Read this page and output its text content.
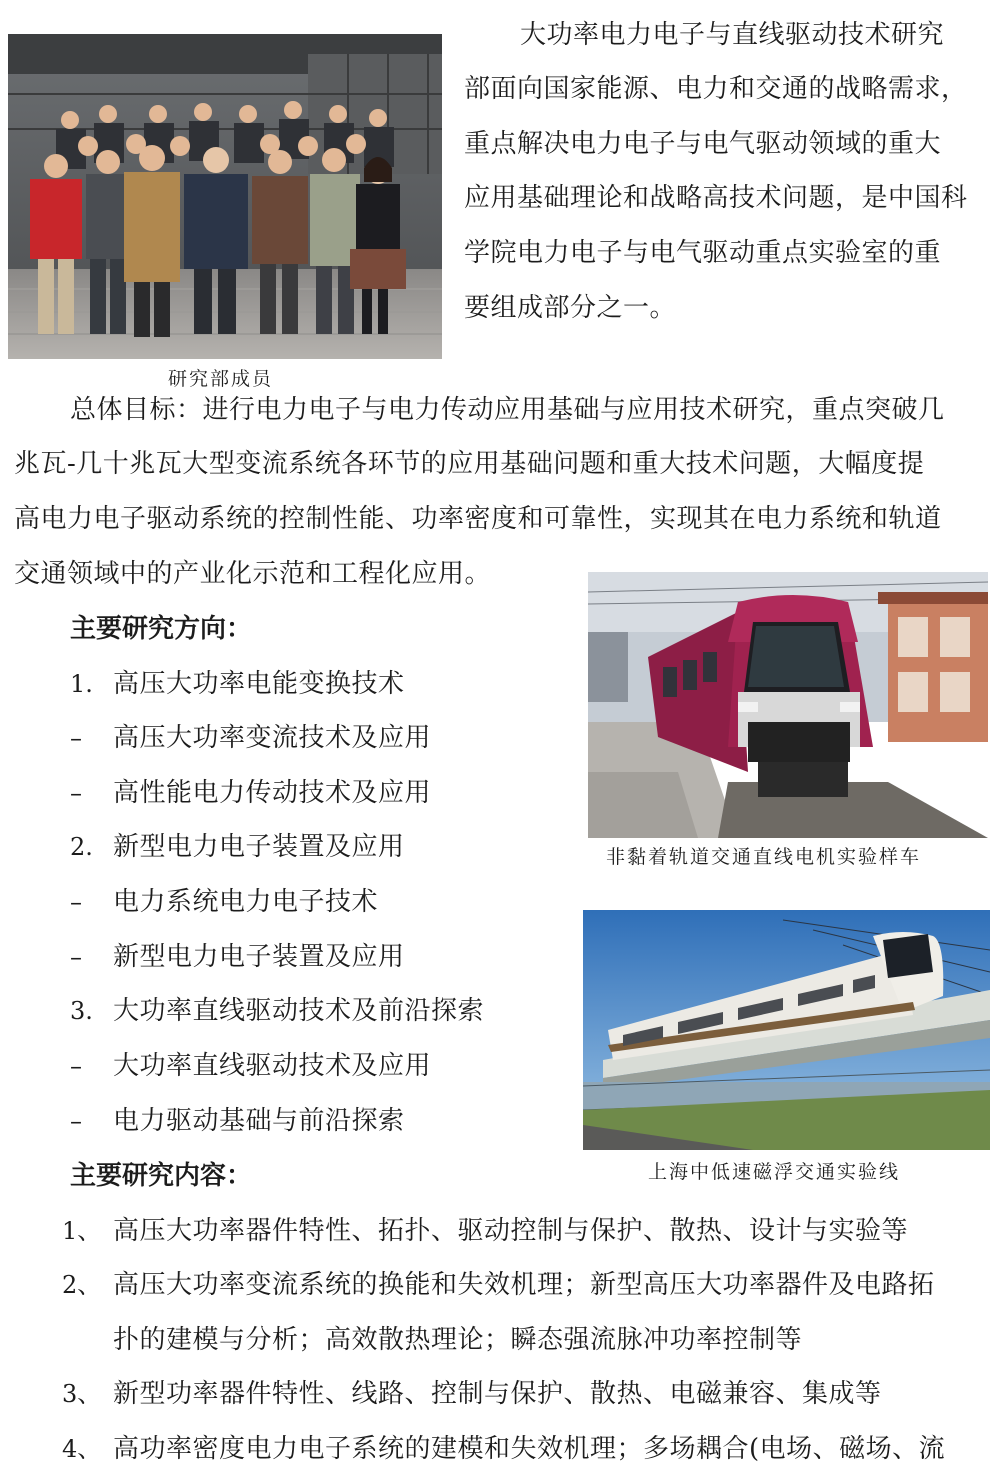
大功率电力电子与直线驱动技术研究
部面向国家能源、电力和交通的战略需求，
重点解决电力电子与电气驱动领域的重大
应用基础理论和战略高技术问题，是中国科
学院电力电子与电气驱动重点实验室的重
要组成部分之一。
研究部成员
总体目标：进行电力电子与电力传动应用基础与应用技术研究，重点突破几
兆瓦-几十兆瓦大型变流系统各环节的应用基础问题和重大技术问题，大幅度提
高电力电子驱动系统的控制性能、功率密度和可靠性，实现其在电力系统和轨道
交通领域中的产业化示范和工程化应用。
非黏着轨道交通直线电机实验样车
上海中低速磁浮交通实验线
主要研究方向：
1. 高压大功率电能变换技术
– 高压大功率变流技术及应用
– 高性能电力传动技术及应用
2. 新型电力电子装置及应用
– 电力系统电力电子技术
– 新型电力电子装置及应用
3. 大功率直线驱动技术及前沿探索
– 大功率直线驱动技术及应用
– 电力驱动基础与前沿探索
主要研究内容：
1、 高压大功率器件特性、拓扑、驱动控制与保护、散热、设计与实验等
2、 高压大功率变流系统的换能和失效机理；新型高压大功率器件及电路拓
扑的建模与分析；高效散热理论；瞬态强流脉冲功率控制等
3、 新型功率器件特性、线路、控制与保护、散热、电磁兼容、集成等
4、 高功率密度电力电子系统的建模和失效机理；多场耦合(电场、磁场、流
